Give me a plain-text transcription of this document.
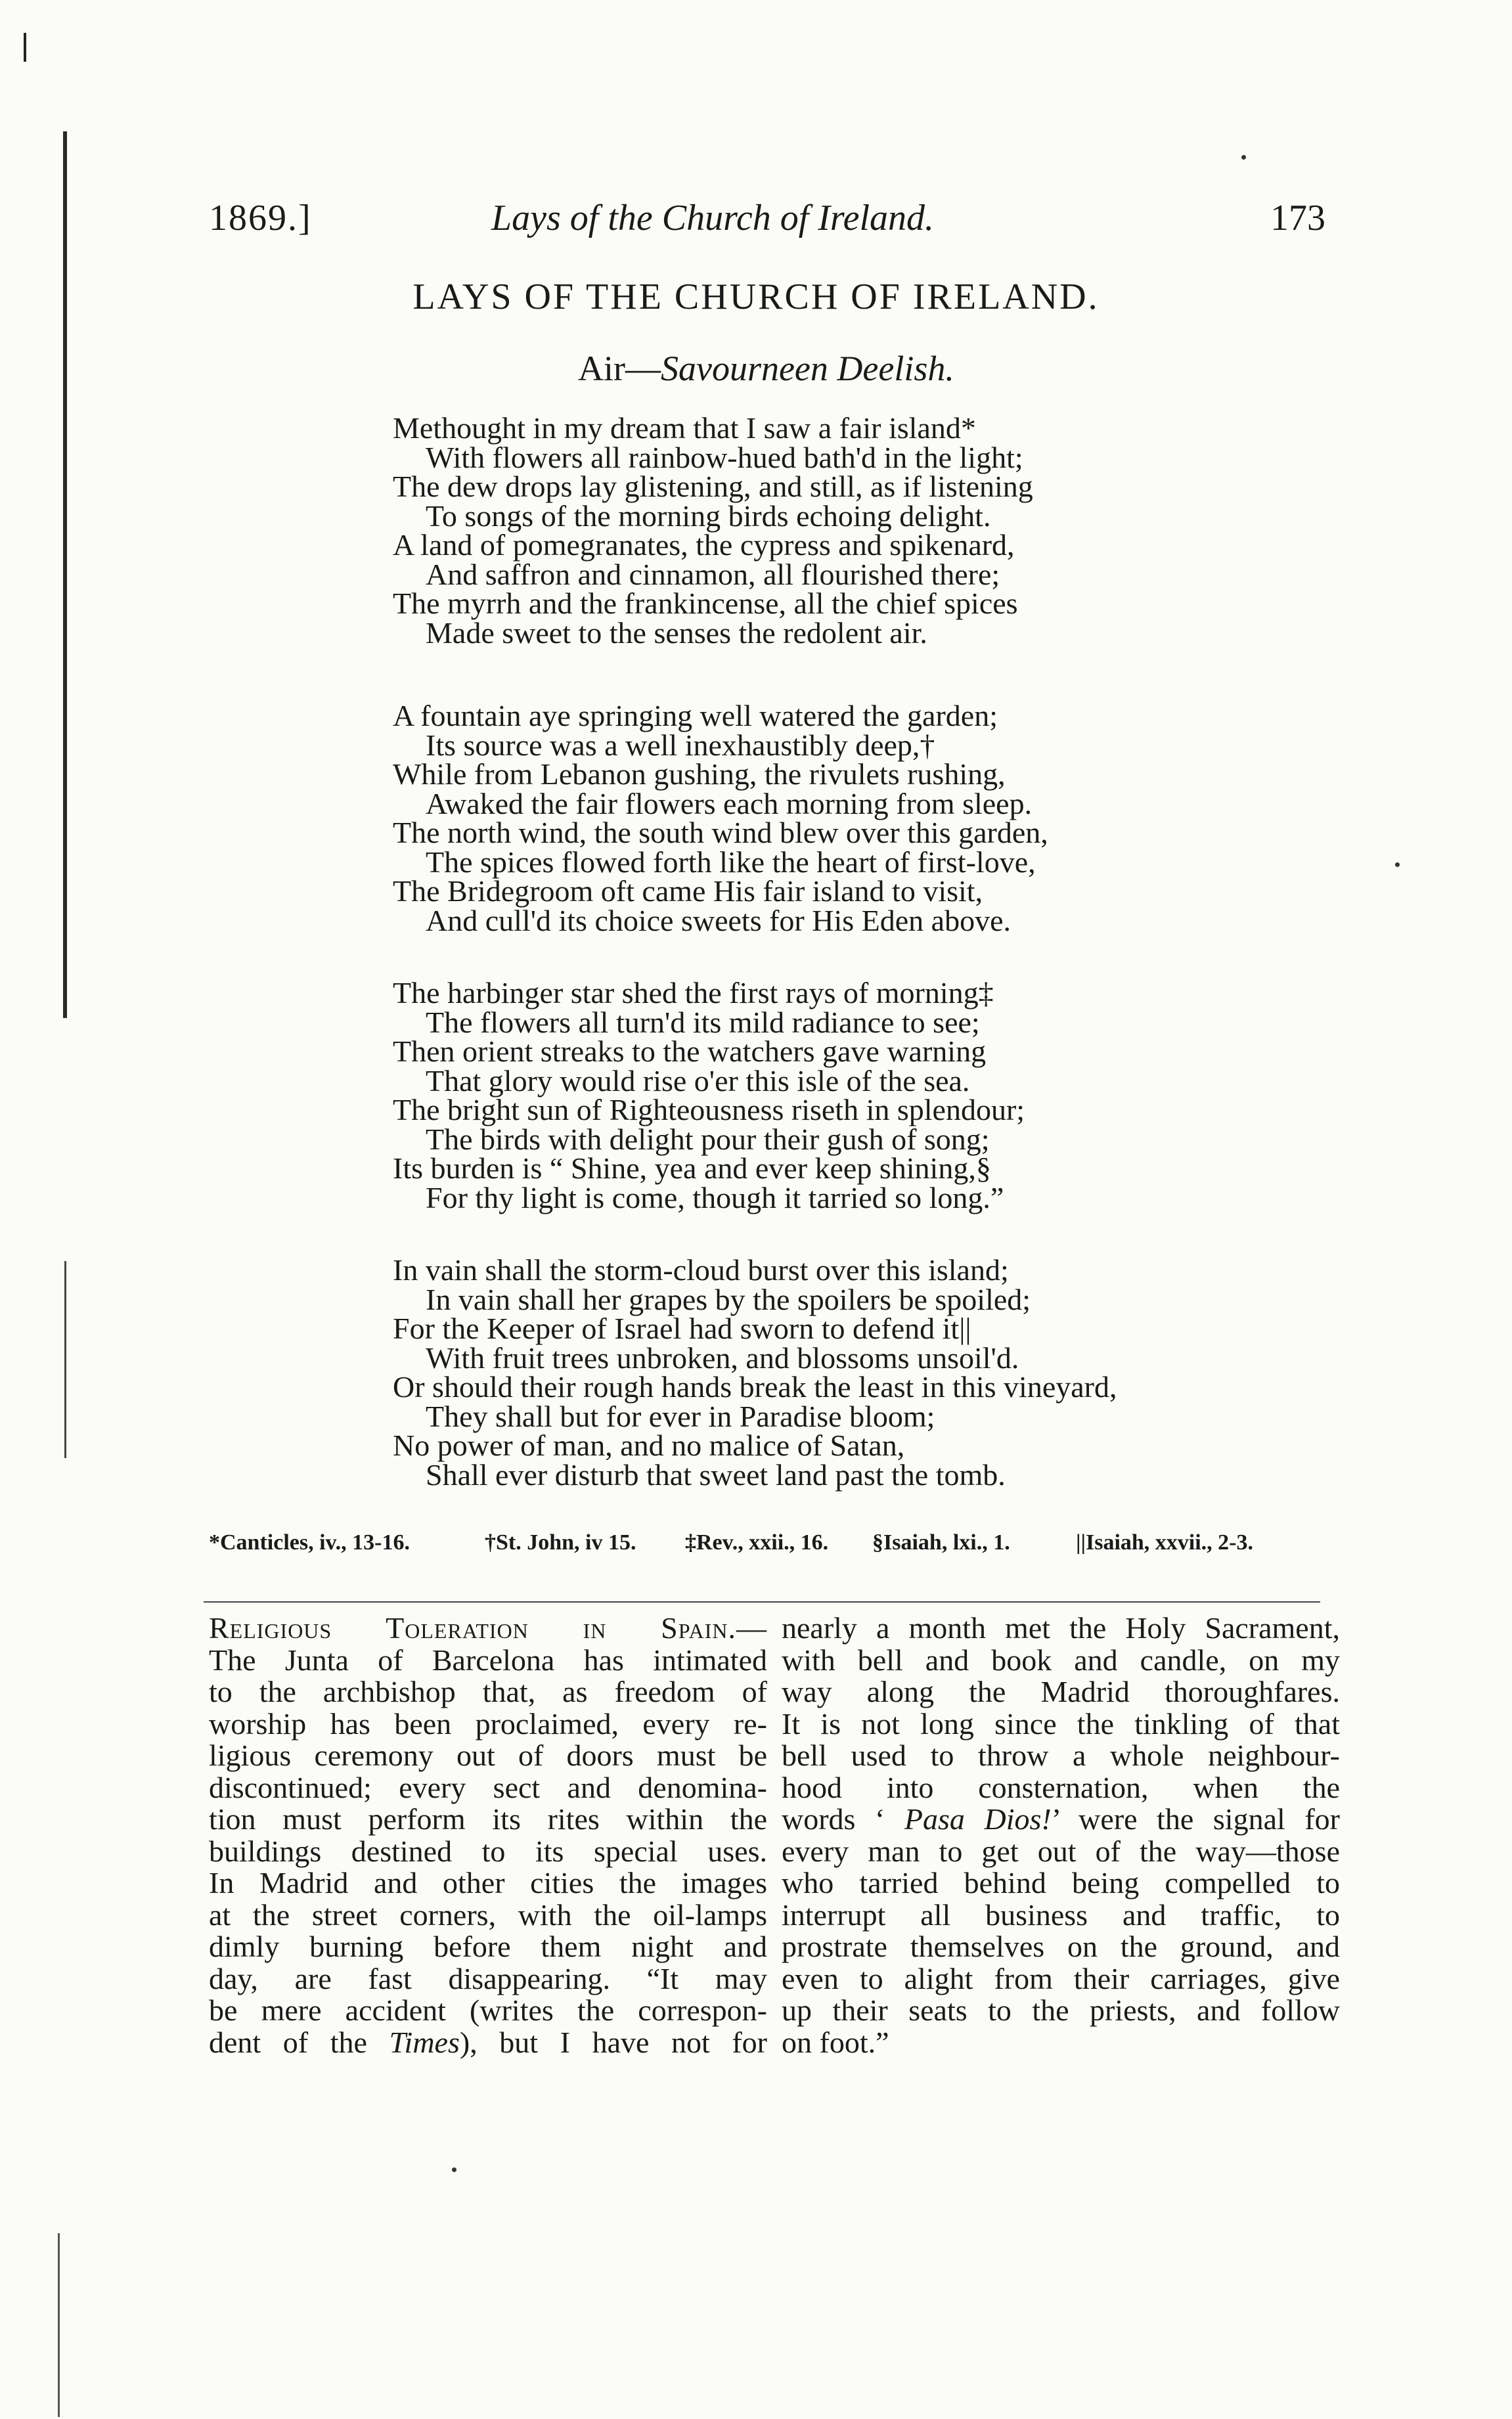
1869.]	Lays of the Church of Ireland.	173
LAYS OF THE CHURCH OF IRELAND.
Air—Savourneen Deelish.
Methought in my dream that I saw a fair island*
With flowers all rainbow-hued bath'd in the light;
The dew drops lay glistening, and still, as if listening
To songs of the morning birds echoing delight.
A land of pomegranates, the cypress and spikenard,
And saffron and cinnamon, all flourished there;
The myrrh and the frankincense, all the chief spices
Made sweet to the senses the redolent air.
A fountain aye springing well watered the garden;
Its source was a well inexhaustibly deep,†
While from Lebanon gushing, the rivulets rushing,
Awaked the fair flowers each morning from sleep.
The north wind, the south wind blew over this garden,
The spices flowed forth like the heart of first-love,
The Bridegroom oft came His fair island to visit,
And cull'd its choice sweets for His Eden above.
The harbinger star shed the first rays of morning‡
The flowers all turn'd its mild radiance to see;
Then orient streaks to the watchers gave warning
That glory would rise o'er this isle of the sea.
The bright sun of Righteousness riseth in splendour;
The birds with delight pour their gush of song;
Its burden is “ Shine, yea and ever keep shining,§
For thy light is come, though it tarried so long.”
In vain shall the storm-cloud burst over this island;
In vain shall her grapes by the spoilers be spoiled;
For the Keeper of Israel had sworn to defend it||
With fruit trees unbroken, and blossoms unsoil'd.
Or should their rough hands break the least in this vineyard,
They shall but for ever in Paradise bloom;
No power of man, and no malice of Satan,
Shall ever disturb that sweet land past the tomb.
*Canticles, iv., 13-16.	†St. John, iv 15. ‡Rev., xxii., 16. §Isaiah, lxi., 1.	||Isaiah, xxvii., 2-3.
Religious Toleration in Spain.—
The Junta of Barcelona has intimated
to the archbishop that, as freedom of
worship has been proclaimed, every re-
ligious ceremony out of doors must be
discontinued; every sect and denomina-
tion must perform its rites within the
buildings destined to its special uses.
In Madrid and other cities the images
at the street corners, with the oil-lamps
dimly burning before them night and
day, are fast disappearing. “It may
be mere accident (writes the correspon-
dent of the Times), but I have not for
nearly a month met the Holy Sacrament,
with bell and book and candle, on my
way along the Madrid thoroughfares.
It is not long since the tinkling of that
bell used to throw a whole neighbour-
hood into consternation, when the
words ‘ Pasa Dios!’ were the signal for
every man to get out of the way—those
who tarried behind being compelled to
interrupt all business and traffic, to
prostrate themselves on the ground, and
even to alight from their carriages, give
up their seats to the priests, and follow
on foot.”
